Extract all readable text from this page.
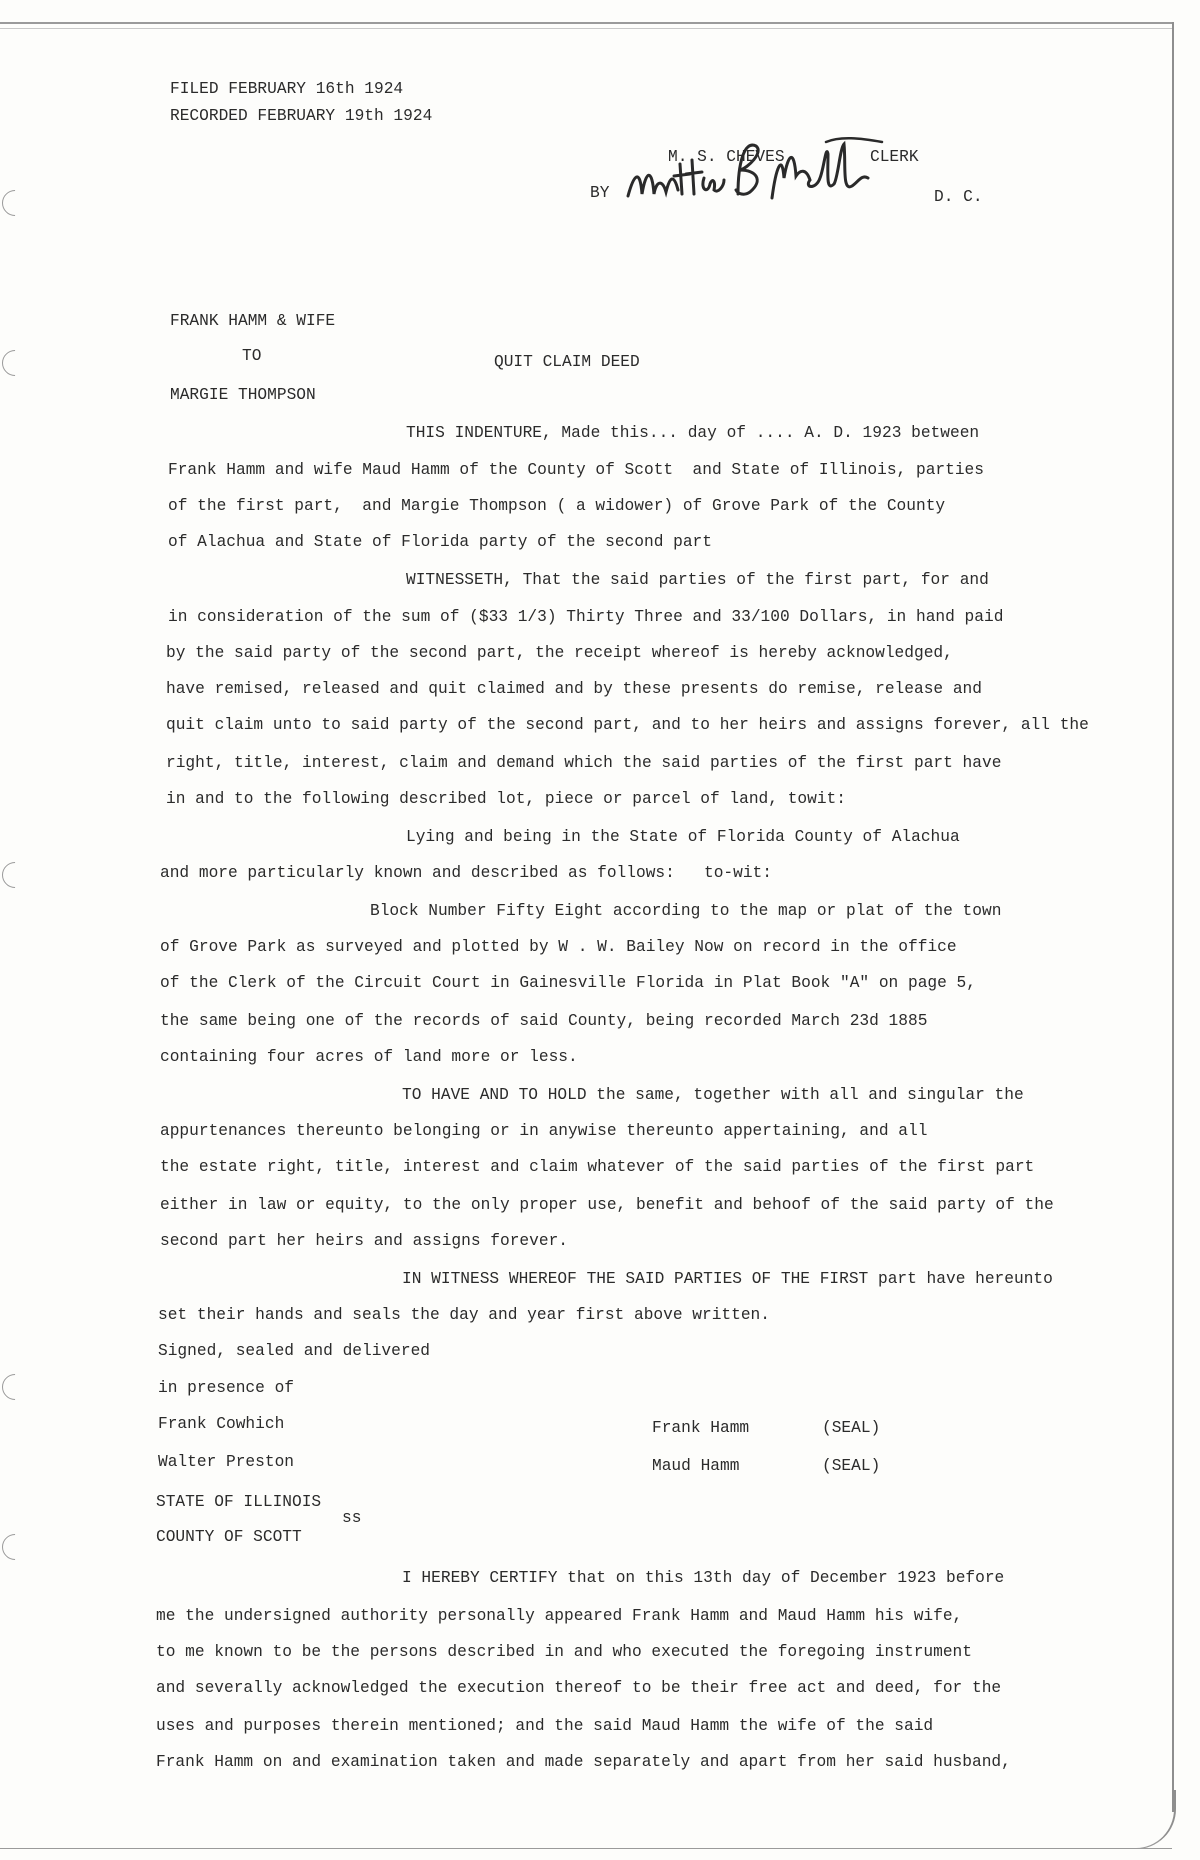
FILED FEBRUARY 16th 1924
RECORDED FEBRUARY 19th 1924
M. S. CHEVES	CLERK
BY	D. C.
FRANK HAMM & WIFE
TO	QUIT CLAIM DEED
MARGIE THOMPSON
THIS INDENTURE, Made this... day of .... A. D. 1923 between
Frank Hamm and wife Maud Hamm of the County of Scott  and State of Illinois, parties
of the first part,  and Margie Thompson ( a widower) of Grove Park of the County
of Alachua and State of Florida party of the second part
WITNESSETH, That the said parties of the first part, for and
in consideration of the sum of ($33 1/3) Thirty Three and 33/100 Dollars, in hand paid
by the said party of the second part, the receipt whereof is hereby acknowledged,
have remised, released and quit claimed and by these presents do remise, release and
quit claim unto to said party of the second part, and to her heirs and assigns forever, all the
right, title, interest, claim and demand which the said parties of the first part have
in and to the following described lot, piece or parcel of land, towit:
Lying and being in the State of Florida County of Alachua
and more particularly known and described as follows:   to-wit:
Block Number Fifty Eight according to the map or plat of the town
of Grove Park as surveyed and plotted by W . W. Bailey Now on record in the office
of the Clerk of the Circuit Court in Gainesville Florida in Plat Book "A" on page 5,
the same being one of the records of said County, being recorded March 23d 1885
containing four acres of land more or less.
TO HAVE AND TO HOLD the same, together with all and singular the
appurtenances thereunto belonging or in anywise thereunto appertaining, and all
the estate right, title, interest and claim whatever of the said parties of the first part
either in law or equity, to the only proper use, benefit and behoof of the said party of the
second part her heirs and assigns forever.
IN WITNESS WHEREOF THE SAID PARTIES OF THE FIRST part have hereunto
set their hands and seals the day and year first above written.
Signed, sealed and delivered
in presence of
Frank Cowhich
Walter Preston
Frank Hamm	(SEAL)
Maud Hamm	(SEAL)
STATE OF ILLINOIS
ss
COUNTY OF SCOTT
I HEREBY CERTIFY that on this 13th day of December 1923 before
me the undersigned authority personally appeared Frank Hamm and Maud Hamm his wife,
to me known to be the persons described in and who executed the foregoing instrument
and severally acknowledged the execution thereof to be their free act and deed, for the
uses and purposes therein mentioned; and the said Maud Hamm the wife of the said
Frank Hamm on and examination taken and made separately and apart from her said husband,
